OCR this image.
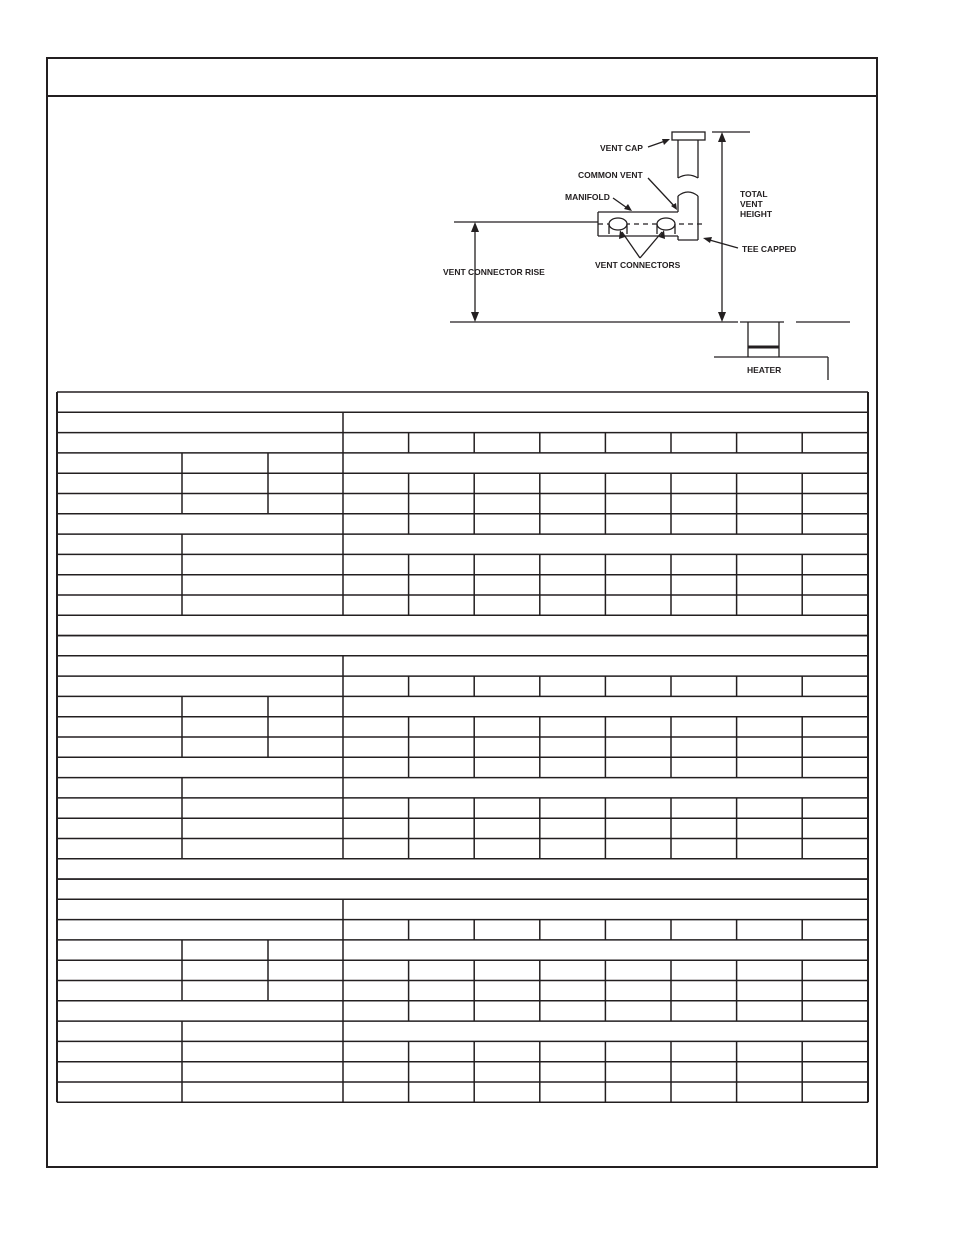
VENT CAP
COMMON VENT
MANIFOLD	TOTAL
VENT
HEIGHT
TEE CAPPED
VENT CONNECTORS
VENT CONNECTOR RISE
HEATER
